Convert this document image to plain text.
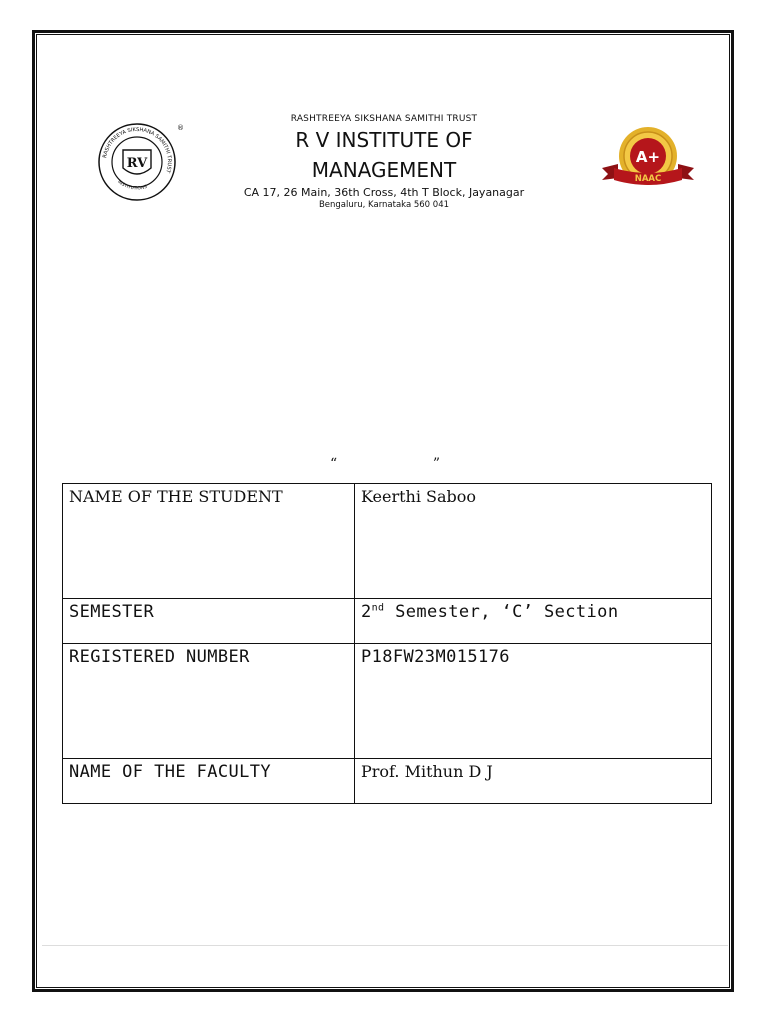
RASHTREEYA SIKSHANA SAMITHI TRUST
INSTITUTIONS
RV
®
A+
NAAC
RASHTREEYA SIKSHANA SAMITHI TRUST
R V INSTITUTE OF
MANAGEMENT
CA 17, 26 Main, 36th Cross, 4th T Block, Jayanagar
Bengaluru, Karnataka 560 041
“	”
NAME OF THE STUDENT	Keerthi Saboo
SEMESTER	2nd Semester, ‘C’ Section
REGISTERED NUMBER	P18FW23M015176
NAME OF THE FACULTY	Prof. Mithun D J
